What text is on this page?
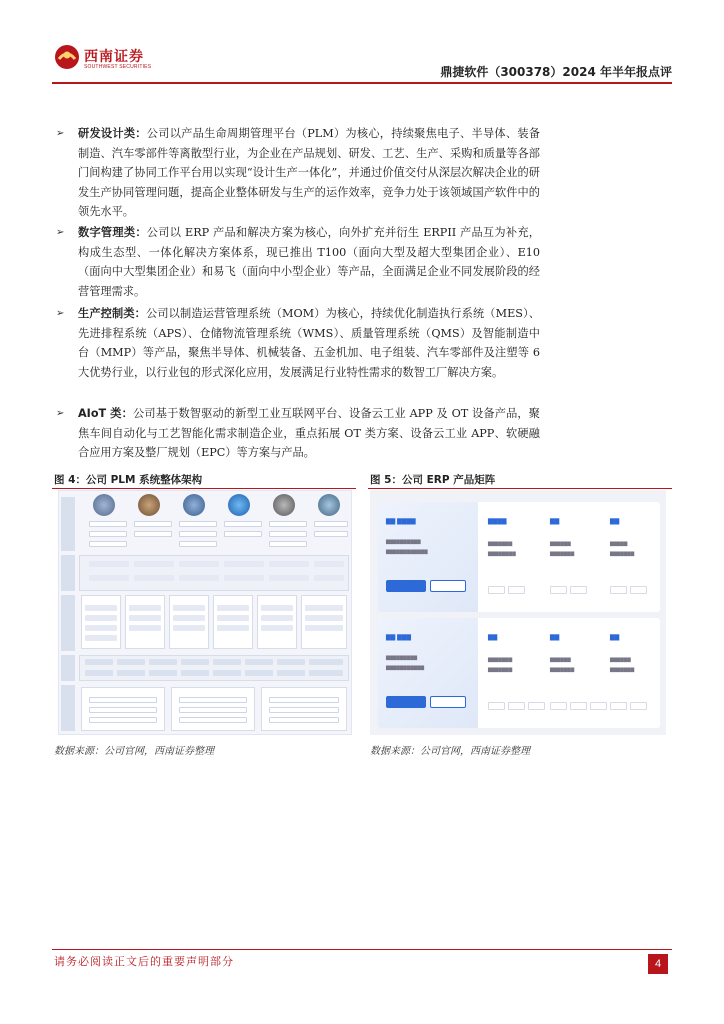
西南证券
SOUTHWEST SECURITIES	鼎捷软件（300378）2024 年半年报点评
➢ 研发设计类：公司以产品生命周期管理平台（PLM）为核心，持续聚焦电子、半导体、装备制造、汽车零部件等离散型行业，为企业在产品规划、研发、工艺、生产、采购和质量等各部门间构建了协同工作平台用以实现“设计生产一体化”，并通过价值交付从深层次解决企业的研发生产协同管理问题，提高企业整体研发与生产的运作效率，竞争力处于该领域国产软件中的领先水平。
➢ 数字管理类：公司以 ERP 产品和解决方案为核心，向外扩充并衍生 ERPII 产品互为补充，构成生态型、一体化解决方案体系，现已推出 T100（面向大型及超大型集团企业）、E10（面向中大型集团企业）和易飞（面向中小型企业）等产品，全面满足企业不同发展阶段的经营管理需求。
➢ 生产控制类：公司以制造运营管理系统（MOM）为核心，持续优化制造执行系统（MES）、先进排程系统（APS）、仓储物流管理系统（WMS）、质量管理系统（QMS）及智能制造中台（MMP）等产品，聚焦半导体、机械装备、五金机加、电子组装、汽车零部件及注塑等 6 大优势行业，以行业包的形式深化应用，发展满足行业特性需求的数智工厂解决方案。
➢ AIoT 类：公司基于数智驱动的新型工业互联网平台、设备云工业 APP 及 OT 设备产品，聚焦车间自动化与工艺智能化需求制造企业，重点拓展 OT 类方案、设备云工业 APP、软硬融合应用方案及整厂规划（EPC）等方案与产品。
图 4：公司 PLM 系统整体架构	图 5：公司 ERP 产品矩阵
▇▇ ▇▇▇▇
▇▇▇▇▇▇▇▇▇▇
▇▇▇▇▇▇▇▇▇▇▇▇
▇▇▇▇	▇▇	▇▇
▇▇▇▇▇▇▇
▇▇▇▇▇▇▇▇
▇▇▇▇▇▇
▇▇▇▇▇▇▇
▇▇▇▇▇
▇▇▇▇▇▇▇
▇▇ ▇▇▇
▇▇▇▇▇▇▇▇▇
▇▇▇▇▇▇▇▇▇▇▇
▇▇	▇▇	▇▇
▇▇▇▇▇▇▇
▇▇▇▇▇▇▇
▇▇▇▇▇▇
▇▇▇▇▇▇▇
▇▇▇▇▇▇
▇▇▇▇▇▇▇
数据来源：公司官网，西南证券整理	数据来源：公司官网，西南证券整理
请务必阅读正文后的重要声明部分	4
